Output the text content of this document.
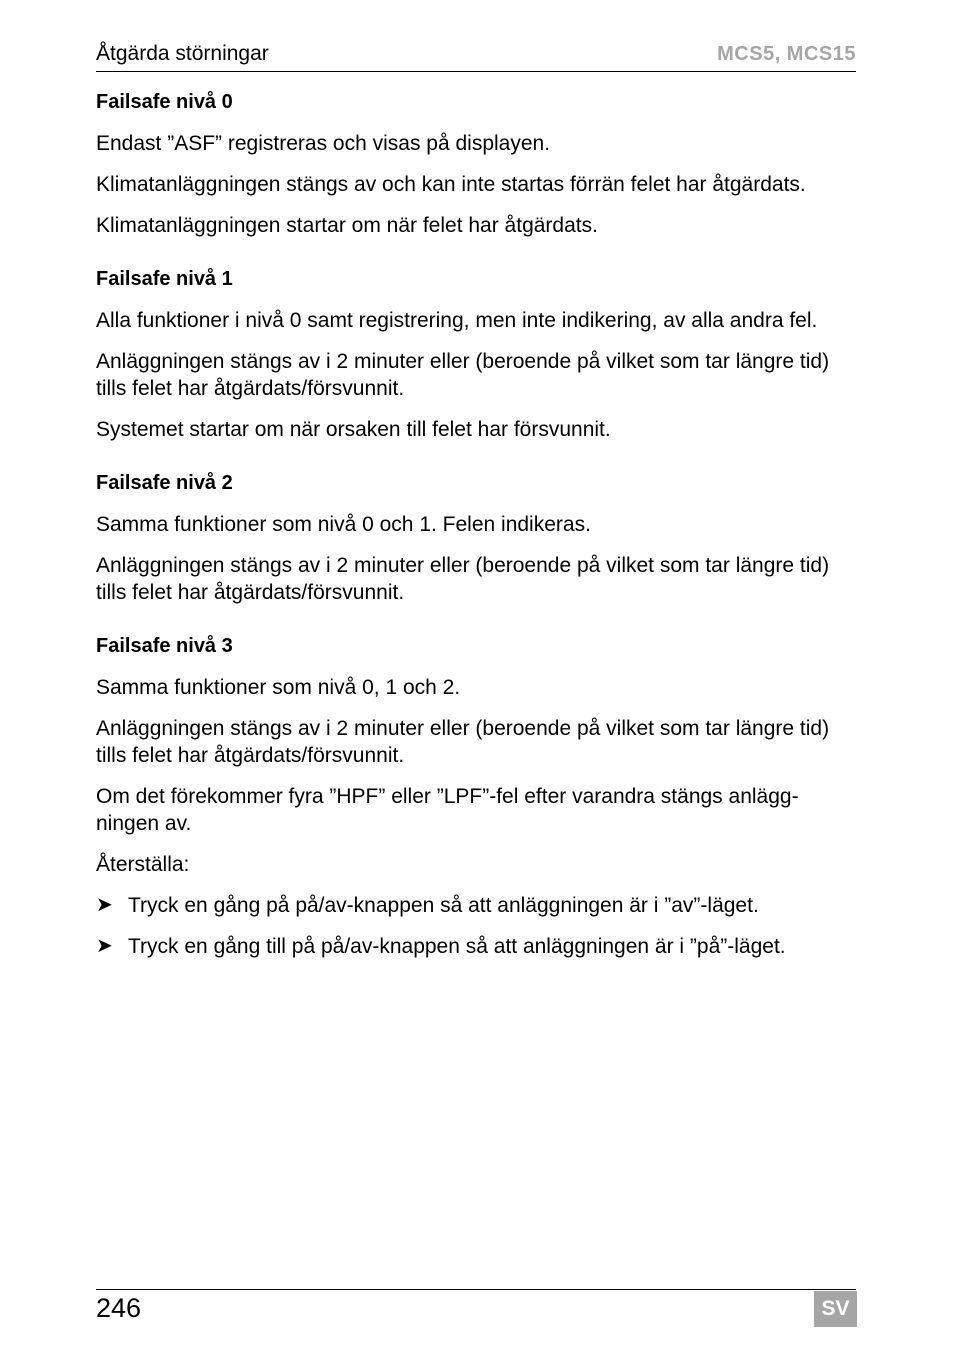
Åtgärda störningar	MCS5, MCS15

Failsafe nivå 0

Endast ”ASF” registreras och visas på displayen.

Klimatanläggningen stängs av och kan inte startas förrän felet har åtgärdats.

Klimatanläggningen startar om när felet har åtgärdats.

Failsafe nivå 1

Alla funktioner i nivå 0 samt registrering, men inte indikering, av alla andra fel.

Anläggningen stängs av i 2 minuter eller (beroende på vilket som tar längre tid) tills felet har åtgärdats/försvunnit.

Systemet startar om när orsaken till felet har försvunnit.

Failsafe nivå 2

Samma funktioner som nivå 0 och 1. Felen indikeras.

Anläggningen stängs av i 2 minuter eller (beroende på vilket som tar längre tid) tills felet har åtgärdats/försvunnit.

Failsafe nivå 3

Samma funktioner som nivå 0, 1 och 2.

Anläggningen stängs av i 2 minuter eller (beroende på vilket som tar längre tid) tills felet har åtgärdats/försvunnit.

Om det förekommer fyra ”HPF” eller ”LPF”-fel efter varandra stängs anlägg-ningen av.

Återställa:

➤ Tryck en gång på på/av-knappen så att anläggningen är i ”av”-läget.
➤ Tryck en gång till på på/av-knappen så att anläggningen är i ”på”-läget.
246	SV
